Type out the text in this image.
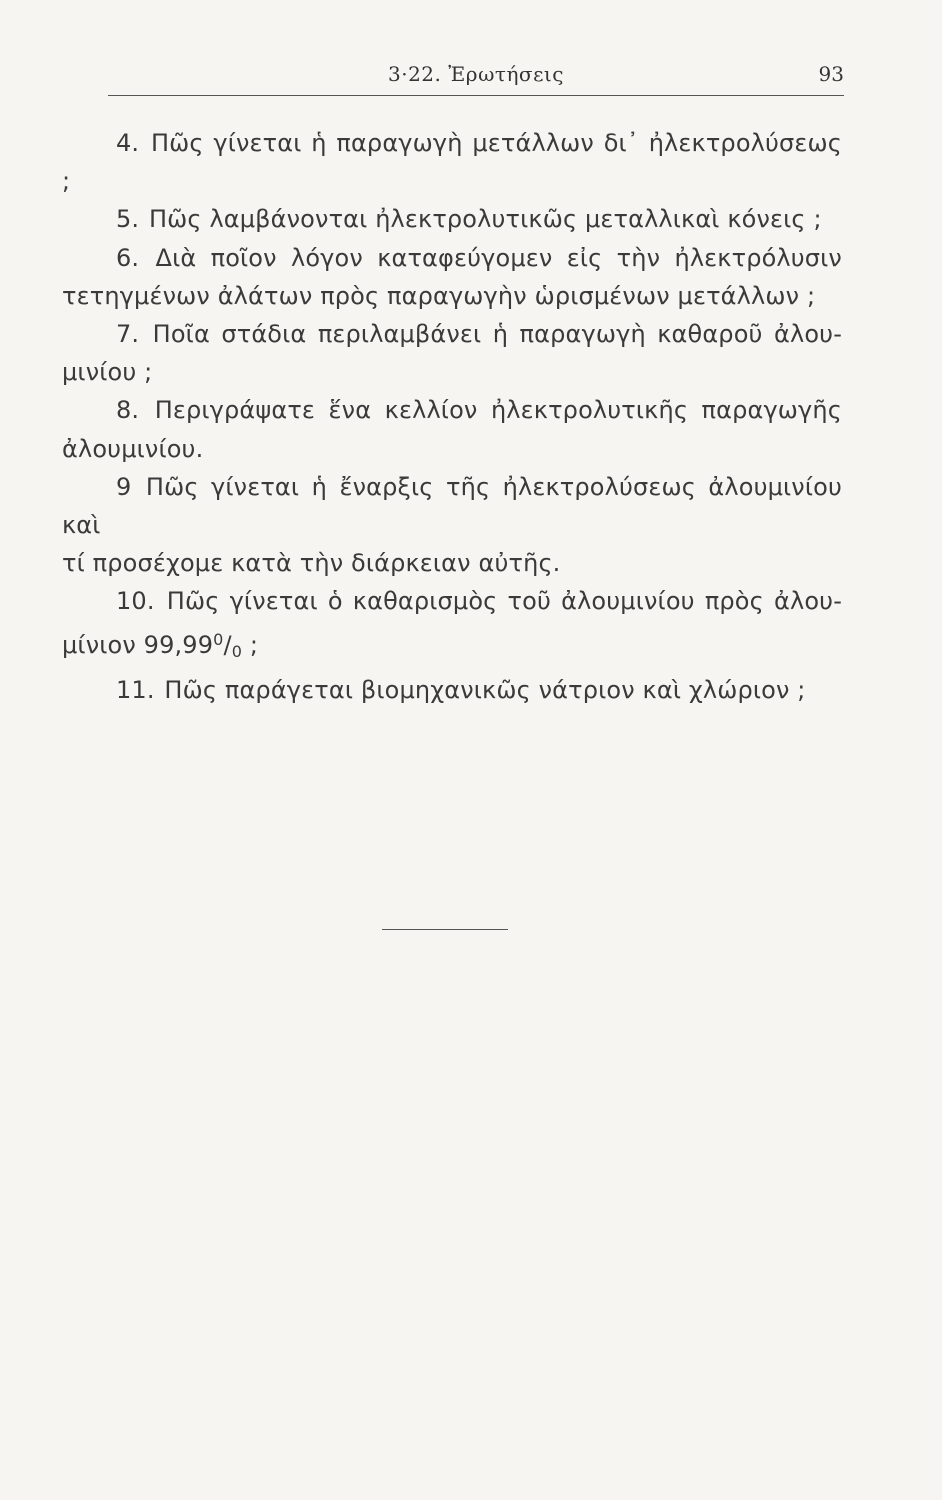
3·22. Ἐρωτήσεις	93

4. Πῶς γίνεται ἡ παραγωγὴ μετάλλων δι᾽ ἠλεκτρολύσεως ;

5. Πῶς λαμβάνονται ἠλεκτρολυτικῶς μεταλλικαὶ κόνεις ;

6. Διὰ ποῖον λόγον καταφεύγομεν εἰς τὴν ἠλεκτρόλυσιν

τετηγμένων ἀλάτων πρὸς παραγωγὴν ὡρισμένων μετάλλων ;

7. Ποῖα στάδια περιλαμβάνει ἡ παραγωγὴ καθαροῦ ἀλου-

μινίου ;

8. Περιγράψατε ἕνα κελλίον ἠλεκτρολυτικῆς παραγωγῆς

ἀλουμινίου.

9 Πῶς γίνεται ἡ ἔναρξις τῆς ἠλεκτρολύσεως ἀλουμινίου καὶ

τί προσέχομε κατὰ τὴν διάρκειαν αὐτῆς.

10. Πῶς γίνεται ὁ καθαρισμὸς τοῦ ἀλουμινίου πρὸς ἀλου-

μίνιον $99,99^0/_0$ ;

11. Πῶς παράγεται βιομηχανικῶς νάτριον καὶ χλώριον ;
